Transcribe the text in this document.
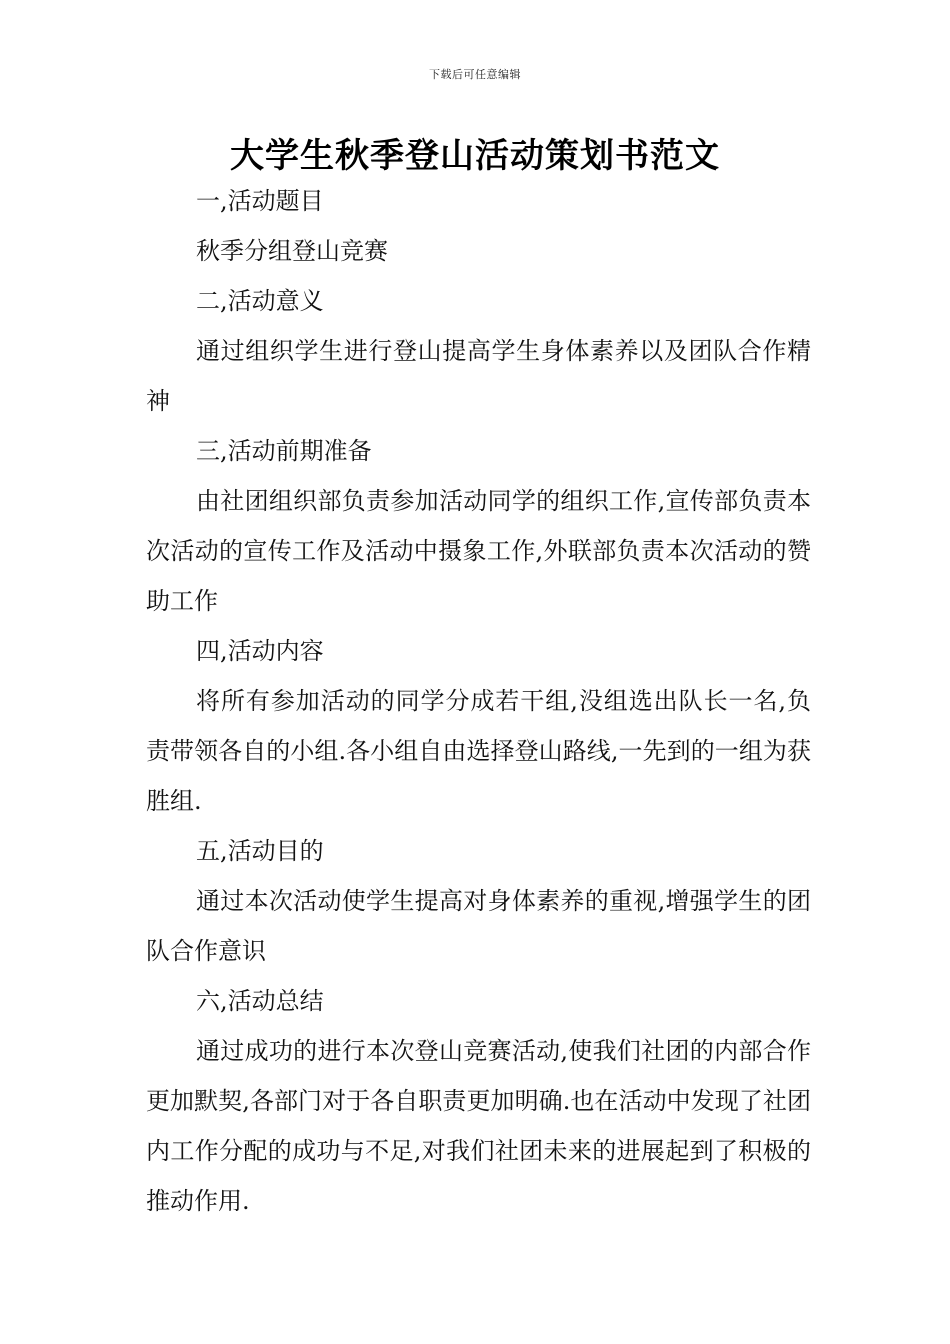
下载后可任意编辑
大学生秋季登山活动策划书范文

一,活动题目

秋季分组登山竞赛

二,活动意义

通过组织学生进行登山提高学生身体素养以及团队合作精神

三,活动前期准备

由社团组织部负责参加活动同学的组织工作,宣传部负责本次活动的宣传工作及活动中摄象工作,外联部负责本次活动的赞助工作

四,活动内容

将所有参加活动的同学分成若干组,没组选出队长一名,负责带领各自的小组.各小组自由选择登山路线,一先到的一组为获胜组.

五,活动目的

通过本次活动使学生提高对身体素养的重视,增强学生的团队合作意识

六,活动总结

通过成功的进行本次登山竞赛活动,使我们社团的内部合作更加默契,各部门对于各自职责更加明确.也在活动中发现了社团内工作分配的成功与不足,对我们社团未来的进展起到了积极的推动作用.
